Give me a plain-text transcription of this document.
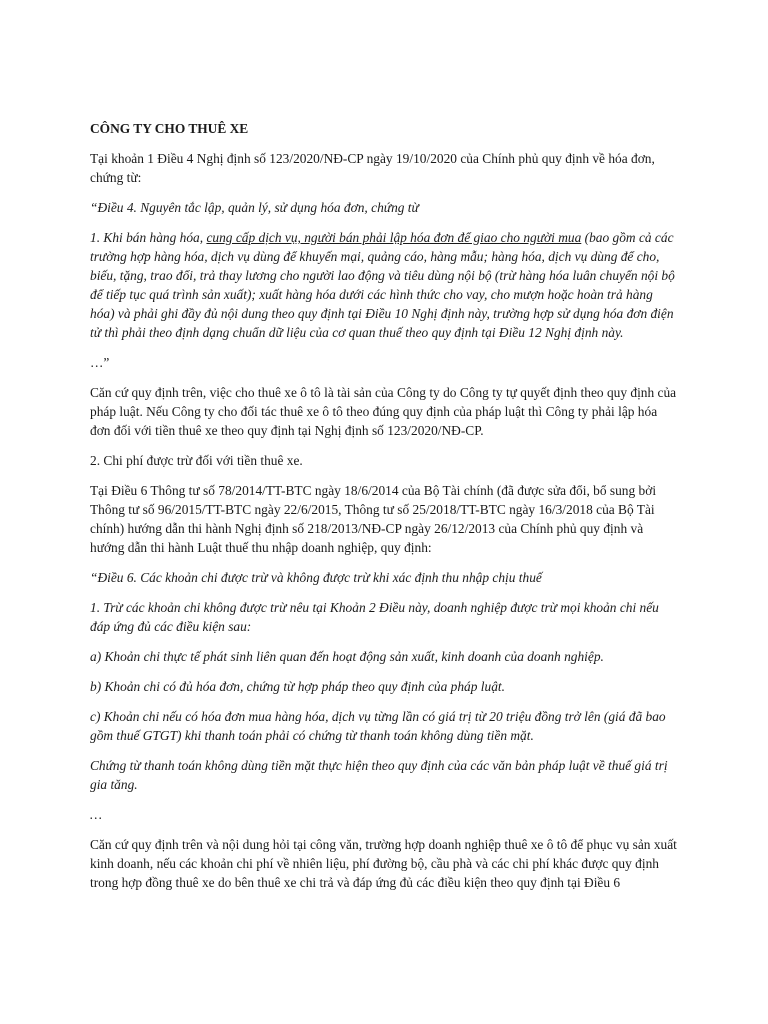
CÔNG TY CHO THUÊ XE

Tại khoản 1 Điều 4 Nghị định số 123/2020/NĐ-CP ngày 19/10/2020 của Chính phủ quy định về hóa đơn, chứng từ:

“Điều 4. Nguyên tắc lập, quản lý, sử dụng hóa đơn, chứng từ

1. Khi bán hàng hóa, cung cấp dịch vụ, người bán phải lập hóa đơn để giao cho người mua (bao gồm cả các trường hợp hàng hóa, dịch vụ dùng để khuyến mại, quảng cáo, hàng mẫu; hàng hóa, dịch vụ dùng để cho, biếu, tặng, trao đổi, trả thay lương cho người lao động và tiêu dùng nội bộ (trừ hàng hóa luân chuyển nội bộ để tiếp tục quá trình sản xuất); xuất hàng hóa dưới các hình thức cho vay, cho mượn hoặc hoàn trả hàng hóa) và phải ghi đầy đủ nội dung theo quy định tại Điều 10 Nghị định này, trường hợp sử dụng hóa đơn điện tử thì phải theo định dạng chuẩn dữ liệu của cơ quan thuế theo quy định tại Điều 12 Nghị định này.

…”

Căn cứ quy định trên, việc cho thuê xe ô tô là tài sản của Công ty do Công ty tự quyết định theo quy định của pháp luật. Nếu Công ty cho đối tác thuê xe ô tô theo đúng quy định của pháp luật thì Công ty phải lập hóa đơn đối với tiền thuê xe theo quy định tại Nghị định số 123/2020/NĐ-CP.

2. Chi phí được trừ đối với tiền thuê xe.

Tại Điều 6 Thông tư số 78/2014/TT-BTC ngày 18/6/2014 của Bộ Tài chính (đã được sửa đổi, bổ sung bởi Thông tư số 96/2015/TT-BTC ngày 22/6/2015, Thông tư số 25/2018/TT-BTC ngày 16/3/2018 của Bộ Tài chính) hướng dẫn thi hành Nghị định số 218/2013/NĐ-CP ngày 26/12/2013 của Chính phủ quy định và hướng dẫn thi hành Luật thuế thu nhập doanh nghiệp, quy định:

“Điều 6. Các khoản chi được trừ và không được trừ khi xác định thu nhập chịu thuế

1. Trừ các khoản chi không được trừ nêu tại Khoản 2 Điều này, doanh nghiệp được trừ mọi khoản chi nếu đáp ứng đủ các điều kiện sau:

a) Khoản chi thực tế phát sinh liên quan đến hoạt động sản xuất, kinh doanh của doanh nghiệp.

b) Khoản chi có đủ hóa đơn, chứng từ hợp pháp theo quy định của pháp luật.

c) Khoản chi nếu có hóa đơn mua hàng hóa, dịch vụ từng lần có giá trị từ 20 triệu đồng trở lên (giá đã bao gồm thuế GTGT) khi thanh toán phải có chứng từ thanh toán không dùng tiền mặt.

Chứng từ thanh toán không dùng tiền mặt thực hiện theo quy định của các văn bản pháp luật về thuế giá trị gia tăng.

…

Căn cứ quy định trên và nội dung hỏi tại công văn, trường hợp doanh nghiệp thuê xe ô tô để phục vụ sản xuất kinh doanh, nếu các khoản chi phí về nhiên liệu, phí đường bộ, cầu phà và các chi phí khác được quy định trong hợp đồng thuê xe do bên thuê xe chi trả và đáp ứng đủ các điều kiện theo quy định tại Điều 6
